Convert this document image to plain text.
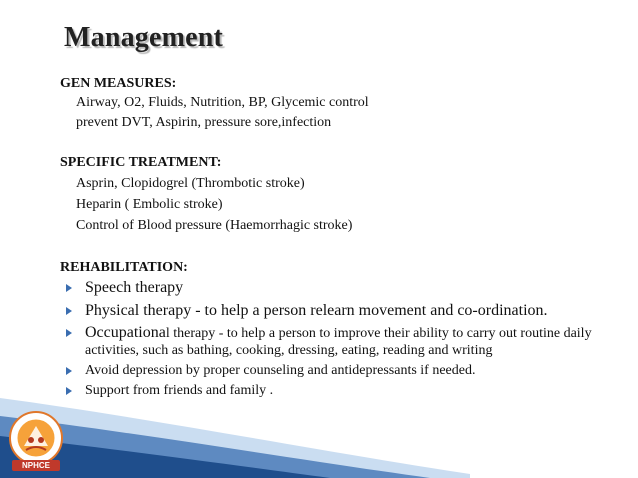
Management
GEN MEASURES:
Airway, O2, Fluids, Nutrition, BP, Glycemic control
prevent DVT, Aspirin, pressure sore,infection
SPECIFIC TREATMENT:
Asprin, Clopidogrel (Thrombotic stroke)
Heparin ( Embolic stroke)
Control of Blood pressure (Haemorrhagic stroke)
REHABILITATION:
Speech therapy
Physical therapy - to help a person relearn movement and co-ordination.
Occupational therapy - to help a person to improve their ability to carry out routine daily activities, such as bathing, cooking, dressing, eating, reading and writing
Avoid depression by proper counseling and antidepressants if needed.
Support from friends and family .
NPHCE
